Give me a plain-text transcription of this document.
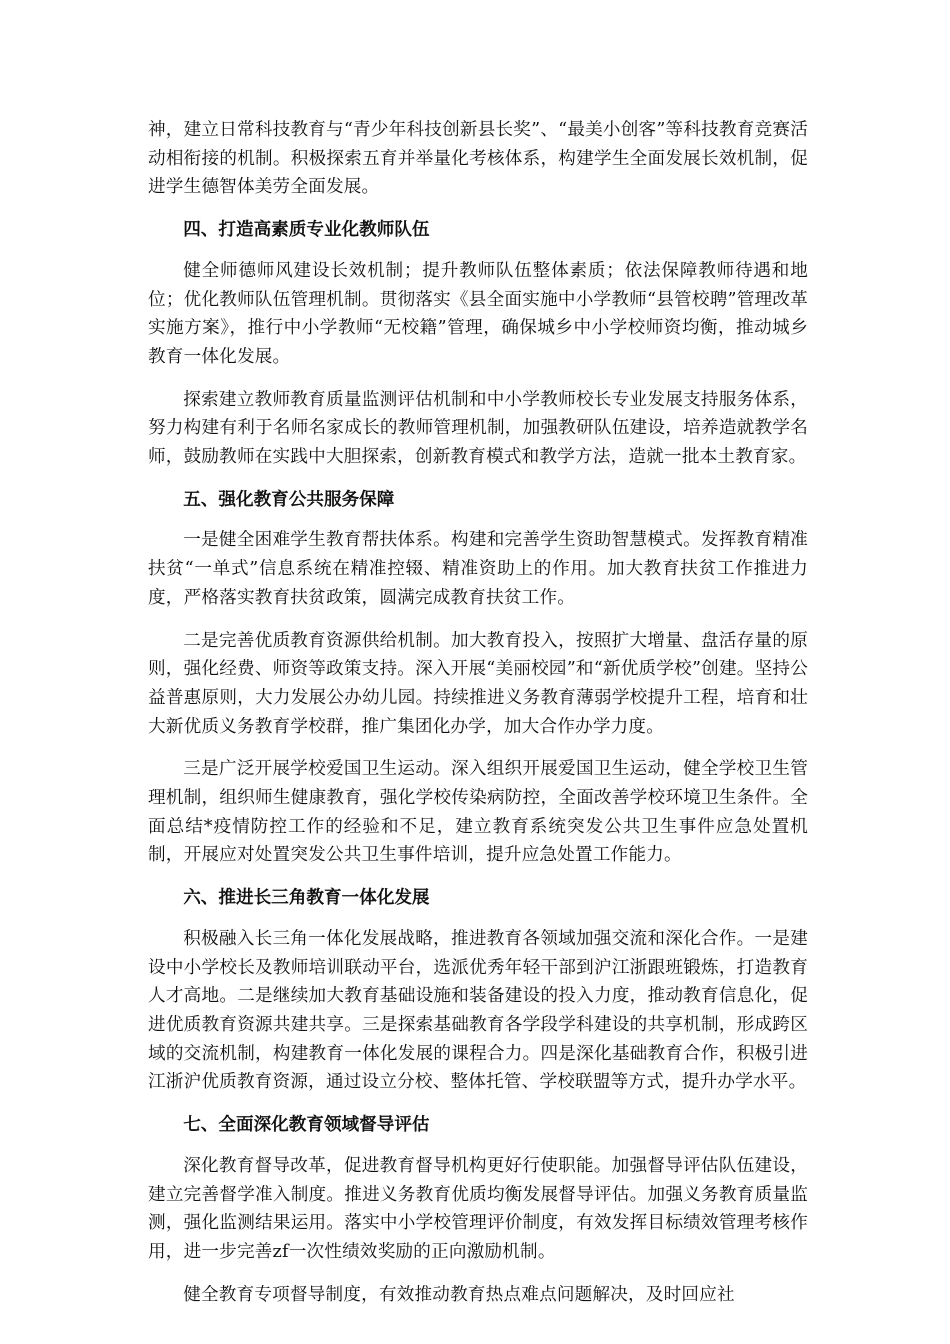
神，建立日常科技教育与“青少年科技创新县长奖”、“最美小创客”等科技教育竞赛活动相衔接的机制。积极探索五育并举量化考核体系，构建学生全面发展长效机制，促进学生德智体美劳全面发展。

四、打造高素质专业化教师队伍

健全师德师风建设长效机制；提升教师队伍整体素质；依法保障教师待遇和地位；优化教师队伍管理机制。贯彻落实《县全面实施中小学教师“县管校聘”管理改革实施方案》，推行中小学教师“无校籍”管理，确保城乡中小学校师资均衡，推动城乡教育一体化发展。

探索建立教师教育质量监测评估机制和中小学教师校长专业发展支持服务体系，努力构建有利于名师名家成长的教师管理机制，加强教研队伍建设，培养造就教学名师，鼓励教师在实践中大胆探索，创新教育模式和教学方法，造就一批本土教育家。

五、强化教育公共服务保障

一是健全困难学生教育帮扶体系。构建和完善学生资助智慧模式。发挥教育精准扶贫“一单式”信息系统在精准控辍、精准资助上的作用。加大教育扶贫工作推进力度，严格落实教育扶贫政策，圆满完成教育扶贫工作。

二是完善优质教育资源供给机制。加大教育投入，按照扩大增量、盘活存量的原则，强化经费、师资等政策支持。深入开展“美丽校园”和“新优质学校”创建。坚持公益普惠原则，大力发展公办幼儿园。持续推进义务教育薄弱学校提升工程，培育和壮大新优质义务教育学校群，推广集团化办学，加大合作办学力度。

三是广泛开展学校爱国卫生运动。深入组织开展爱国卫生运动，健全学校卫生管理机制，组织师生健康教育，强化学校传染病防控，全面改善学校环境卫生条件。全面总结*疫情防控工作的经验和不足，建立教育系统突发公共卫生事件应急处置机制，开展应对处置突发公共卫生事件培训，提升应急处置工作能力。

六、推进长三角教育一体化发展

积极融入长三角一体化发展战略，推进教育各领域加强交流和深化合作。一是建设中小学校长及教师培训联动平台，选派优秀年轻干部到沪江浙跟班锻炼，打造教育人才高地。二是继续加大教育基础设施和装备建设的投入力度，推动教育信息化，促进优质教育资源共建共享。三是探索基础教育各学段学科建设的共享机制，形成跨区域的交流机制，构建教育一体化发展的课程合力。四是深化基础教育合作，积极引进江浙沪优质教育资源，通过设立分校、整体托管、学校联盟等方式，提升办学水平。

七、全面深化教育领域督导评估

深化教育督导改革，促进教育督导机构更好行使职能。加强督导评估队伍建设，建立完善督学准入制度。推进义务教育优质均衡发展督导评估。加强义务教育质量监测，强化监测结果运用。落实中小学校管理评价制度，有效发挥目标绩效管理考核作用，进一步完善zf一次性绩效奖励的正向激励机制。

健全教育专项督导制度，有效推动教育热点难点问题解决，及时回应社
